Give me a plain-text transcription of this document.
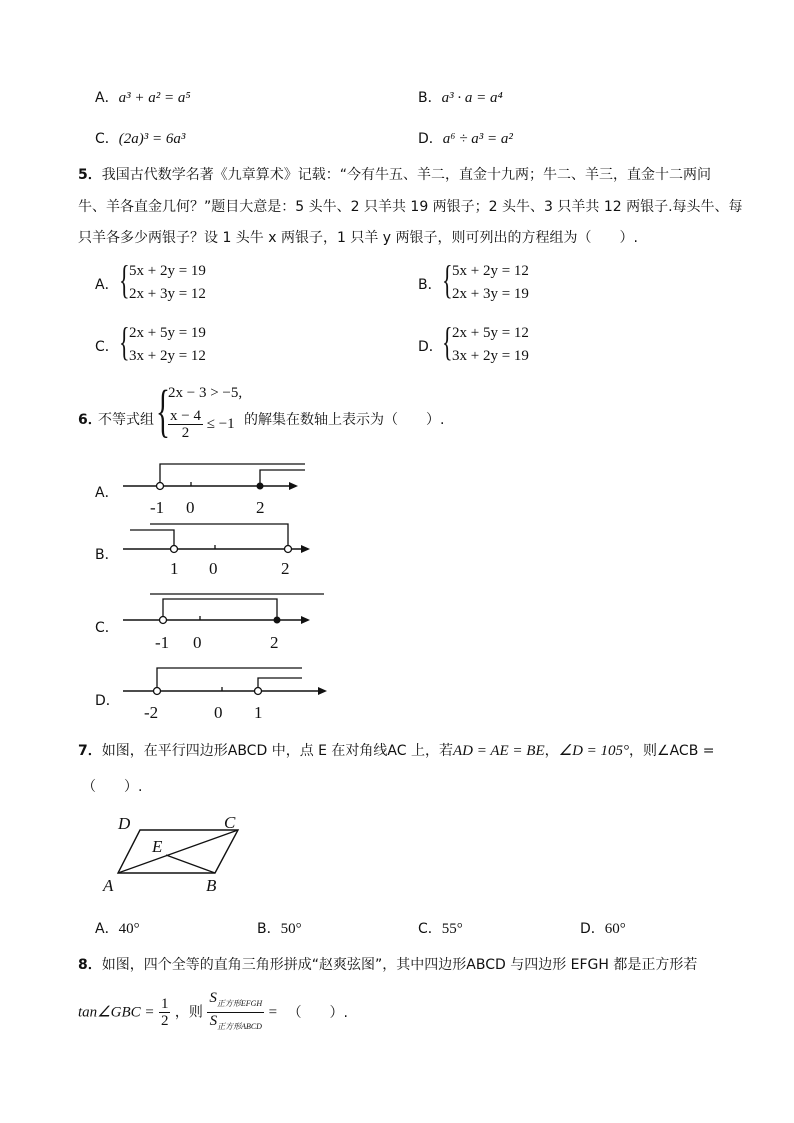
A．a³ + a² = a⁵	B．a³ · a = a⁴
C．(2a)³ = 6a³	D．a⁶ ÷ a³ = a²
5．我国古代数学名著《九章算术》记载：“今有牛五、羊二，直金十九两；牛二、羊三，直金十二两问
牛、羊各直金几何？”题目大意是：5 头牛、2 只羊共 19 两银子；2 头牛、3 只羊共 12 两银子.每头牛、每
只羊各多少两银子？设 1 头牛 x 两银子，1 只羊 y 两银子，则可列出的方程组为（　　）.
A． { 5x + 2y = 19
2x + 3y = 12
B． { 5x + 2y = 12
2x + 3y = 19
C． { 2x + 5y = 19
3x + 2y = 12
D． { 2x + 5y = 12
3x + 2y = 19
6．
不等式组 {
2x − 3 > −5,
$\frac{x - 4}{2} \le -1$ 的解集在数轴上表示为（　　）.
A．
-1 0	2
B．
1 0	2
C．
-1 0	2
D．
-2	0 1
7．如图，在平行四边形ABCD 中，点 E 在对角线AC 上，若AD = AE = BE，∠D = 105°，则∠ACB =
（　　）.
D	C
E
A	B
A．40°	B．50°	C．55°	D．60°
8．如图，四个全等的直角三角形拼成“赵爽弦图”，其中四边形ABCD 与四边形 EFGH 都是正方形若
tan∠GBC = $\frac{1}{2}$ ，则 $\frac{S_{正方形EFGH}}{S_{正方形ABCD}}$ = （　　）.
